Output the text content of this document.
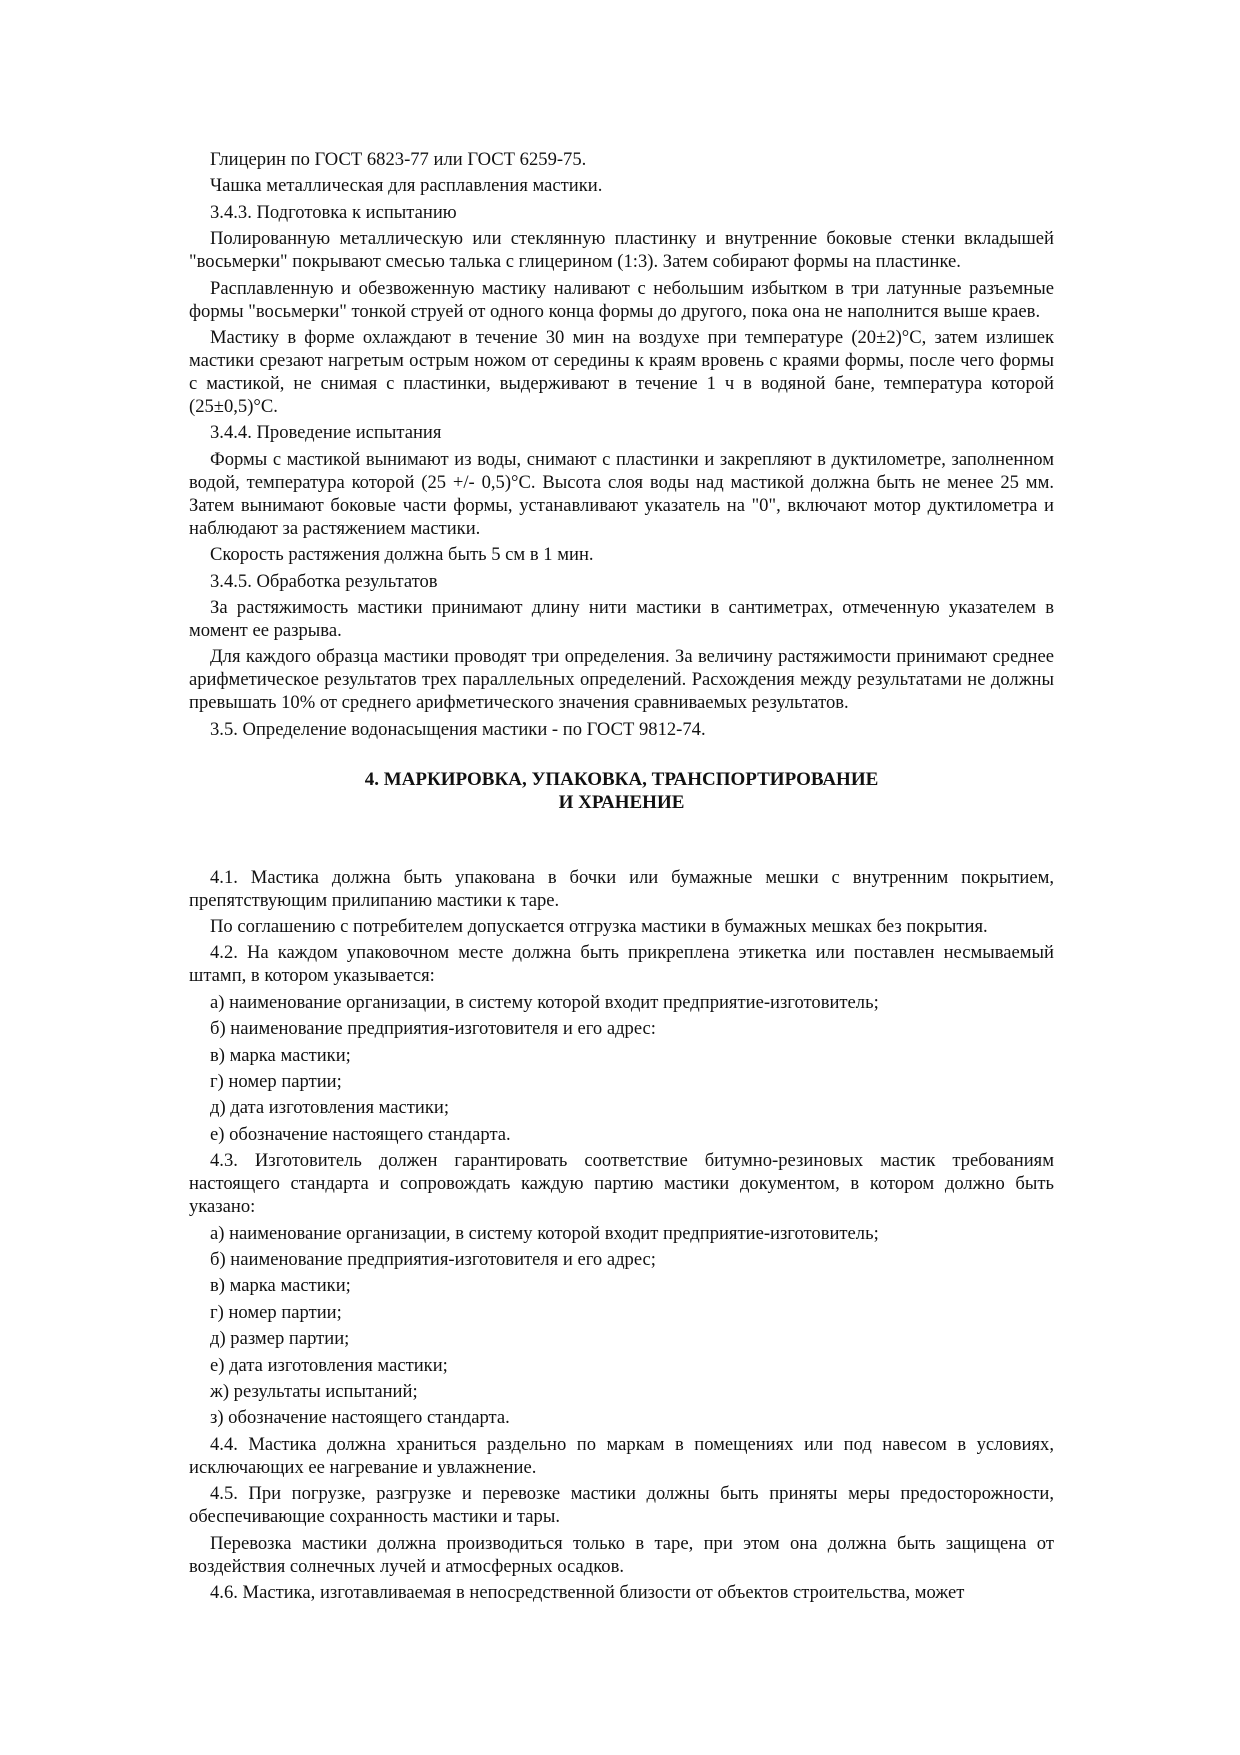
Глицерин по ГОСТ 6823-77 или ГОСТ 6259-75.

Чашка металлическая для расплавления мастики.

3.4.3. Подготовка к испытанию

Полированную металлическую или стеклянную пластинку и внутренние боковые стенки вкладышей "восьмерки" покрывают смесью талька с глицерином (1:3). Затем собирают формы на пластинке.

Расплавленную и обезвоженную мастику наливают с небольшим избытком в три латунные разъемные формы "восьмерки" тонкой струей от одного конца формы до другого, пока она не наполнится выше краев.

Мастику в форме охлаждают в течение 30 мин на воздухе при температуре (20±2)°С, затем излишек мастики срезают нагретым острым ножом от середины к краям вровень с краями формы, после чего формы с мастикой, не снимая с пластинки, выдерживают в течение 1 ч в водяной бане, температура которой (25±0,5)°С.

3.4.4. Проведение испытания

Формы с мастикой вынимают из воды, снимают с пластинки и закрепляют в дуктилометре, заполненном водой, температура которой (25 +/- 0,5)°С. Высота слоя воды над мастикой должна быть не менее 25 мм. Затем вынимают боковые части формы, устанавливают указатель на "0", включают мотор дуктилометра и наблюдают за растяжением мастики.

Скорость растяжения должна быть 5 см в 1 мин.

3.4.5. Обработка результатов

За растяжимость мастики принимают длину нити мастики в сантиметрах, отмеченную указателем в момент ее разрыва.

Для каждого образца мастики проводят три определения. За величину растяжимости принимают среднее арифметическое результатов трех параллельных определений. Расхождения между результатами не должны превышать 10% от среднего арифметического значения сравниваемых результатов.

3.5. Определение водонасыщения мастики - по ГОСТ 9812-74.

4. МАРКИРОВКА, УПАКОВКА, ТРАНСПОРТИРОВАНИЕ
И ХРАНЕНИЕ

4.1. Мастика должна быть упакована в бочки или бумажные мешки с внутренним покрытием, препятствующим прилипанию мастики к таре.

По соглашению с потребителем допускается отгрузка мастики в бумажных мешках без покрытия.

4.2. На каждом упаковочном месте должна быть прикреплена этикетка или поставлен несмываемый штамп, в котором указывается:

а) наименование организации, в систему которой входит предприятие-изготовитель;

б) наименование предприятия-изготовителя и его адрес:

в) марка мастики;

г) номер партии;

д) дата изготовления мастики;

е) обозначение настоящего стандарта.

4.3. Изготовитель должен гарантировать соответствие битумно-резиновых мастик требованиям настоящего стандарта и сопровождать каждую партию мастики документом, в котором должно быть указано:

а) наименование организации, в систему которой входит предприятие-изготовитель;

б) наименование предприятия-изготовителя и его адрес;

в) марка мастики;

г) номер партии;

д) размер партии;

е) дата изготовления мастики;

ж) результаты испытаний;

з) обозначение настоящего стандарта.

4.4. Мастика должна храниться раздельно по маркам в помещениях или под навесом в условиях, исключающих ее нагревание и увлажнение.

4.5. При погрузке, разгрузке и перевозке мастики должны быть приняты меры предосторожности, обеспечивающие сохранность мастики и тары.

Перевозка мастики должна производиться только в таре, при этом она должна быть защищена от воздействия солнечных лучей и атмосферных осадков.

4.6. Мастика, изготавливаемая в непосредственной близости от объектов строительства, может
